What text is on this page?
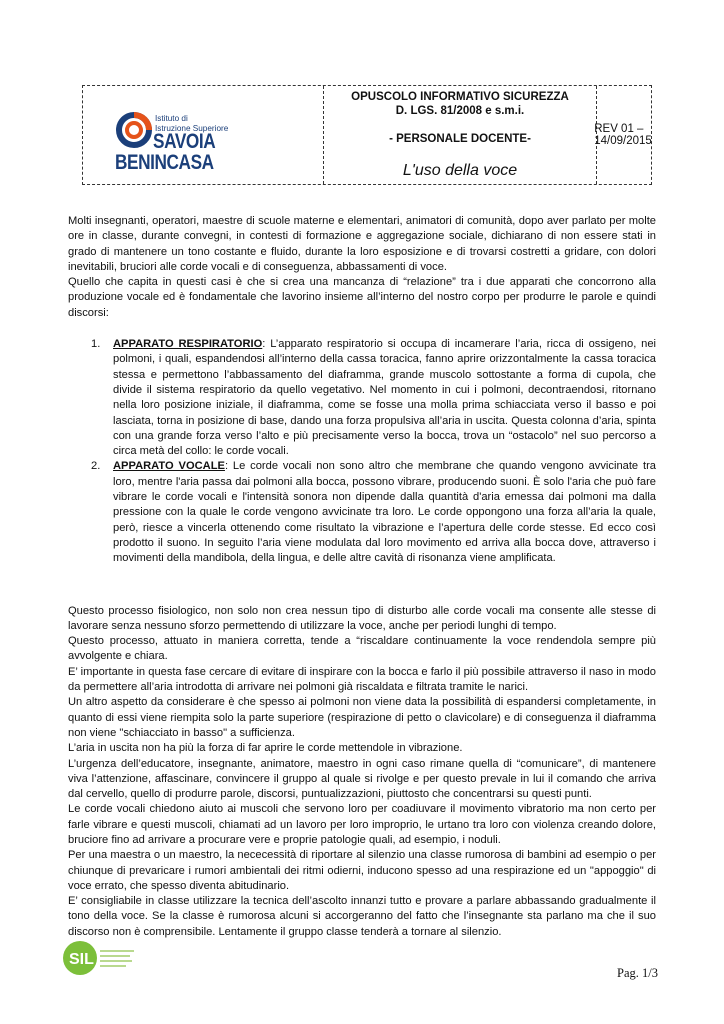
Istituto di
Istruzione Superiore
SAVOIA
BENINCASA
OPUSCOLO INFORMATIVO SICUREZZA
D. LGS. 81/2008 e s.m.i.
- PERSONALE DOCENTE-
L'uso della voce
REV 01 – 14/09/2015

Molti insegnanti, operatori, maestre di scuole materne e elementari, animatori di comunità, dopo aver parlato per molte ore in classe, durante convegni, in contesti di formazione e aggregazione sociale, dichiarano di non essere stati in grado di mantenere un tono costante e fluido, durante la loro esposizione e di trovarsi costretti a gridare, con dolori inevitabili, bruciori alle corde vocali e di conseguenza, abbassamenti di voce.

Quello che capita in questi casi è che si crea una mancanza di “relazione” tra i due apparati che concorrono alla produzione vocale ed è fondamentale che lavorino insieme all’interno del nostro corpo per produrre le parole e quindi discorsi:

1. APPARATO RESPIRATORIO: L’apparato respiratorio si occupa di incamerare l’aria, ricca di ossigeno, nei polmoni, i quali, espandendosi all’interno della cassa toracica, fanno aprire orizzontalmente la cassa toracica stessa e permettono l’abbassamento del diaframma, grande muscolo sottostante a forma di cupola, che divide il sistema respiratorio da quello vegetativo. Nel momento in cui i polmoni, decontraendosi, ritornano nella loro posizione iniziale, il diaframma, come se fosse una molla prima schiacciata verso il basso e poi lasciata, torna in posizione di base, dando una forza propulsiva all’aria in uscita. Questa colonna d’aria, spinta con una grande forza verso l’alto e più precisamente verso la bocca, trova un “ostacolo” nel suo percorso a circa metà del collo: le corde vocali.
2. APPARATO VOCALE: Le corde vocali non sono altro che membrane che quando vengono avvicinate tra loro, mentre l'aria passa dai polmoni alla bocca, possono vibrare, producendo suoni. È solo l'aria che può fare vibrare le corde vocali e l'intensità sonora non dipende dalla quantità d'aria emessa dai polmoni ma dalla pressione con la quale le corde vengono avvicinate tra loro. Le corde oppongono una forza all’aria la quale, però, riesce a vincerla ottenendo come risultato la vibrazione e l’apertura delle corde stesse. Ed ecco così prodotto il suono. In seguito l’aria viene modulata dal loro movimento ed arriva alla bocca dove, attraverso i movimenti della mandibola, della lingua, e delle altre cavità di risonanza viene amplificata.

Questo processo fisiologico, non solo non crea nessun tipo di disturbo alle corde vocali ma consente alle stesse di lavorare senza nessuno sforzo permettendo di utilizzare la voce, anche per periodi lunghi di tempo.

Questo processo, attuato in maniera corretta, tende a “riscaldare continuamente la voce rendendola sempre più avvolgente e chiara.

E’ importante in questa fase cercare di evitare di inspirare con la bocca e farlo il più possibile attraverso il naso in modo da permettere all’aria introdotta di arrivare nei polmoni già riscaldata e filtrata tramite le narici.

Un altro aspetto da considerare è che spesso ai polmoni non viene data la possibilità di espandersi completamente, in quanto di essi viene riempita solo la parte superiore (respirazione di petto o clavicolare) e di conseguenza il diaframma non viene "schiacciato in basso" a sufficienza.

L’aria in uscita non ha più la forza di far aprire le corde mettendole in vibrazione.

L’urgenza dell’educatore, insegnante, animatore, maestro in ogni caso rimane quella di “comunicare”, di mantenere viva l’attenzione, affascinare, convincere il gruppo al quale si rivolge e per questo prevale in lui il comando che arriva dal cervello, quello di produrre parole, discorsi, puntualizzazioni, piuttosto che concentrarsi su questi punti.

Le corde vocali chiedono aiuto ai muscoli che servono loro per coadiuvare il movimento vibratorio ma non certo per farle vibrare e questi muscoli, chiamati ad un lavoro per loro improprio, le urtano tra loro con violenza creando dolore, bruciore fino ad arrivare a procurare vere e proprie patologie quali, ad esempio, i noduli.

Per una maestra o un maestro, la nececessità di riportare al silenzio una classe rumorosa di bambini ad esempio o per chiunque di prevaricare i rumori ambientali dei ritmi odierni, inducono spesso ad una respirazione ed un "appoggio" di voce errato, che spesso diventa abitudinario.

E’ consigliabile in classe utilizzare la tecnica dell’ascolto innanzi tutto e provare a parlare abbassando gradualmente il tono della voce. Se la classe è rumorosa alcuni si accorgeranno del fatto che l’insegnante sta parlano ma che il suo discorso non è comprensibile. Lentamente il gruppo classe tenderà a tornare al silenzio.

SIL
Pag. 1/3
